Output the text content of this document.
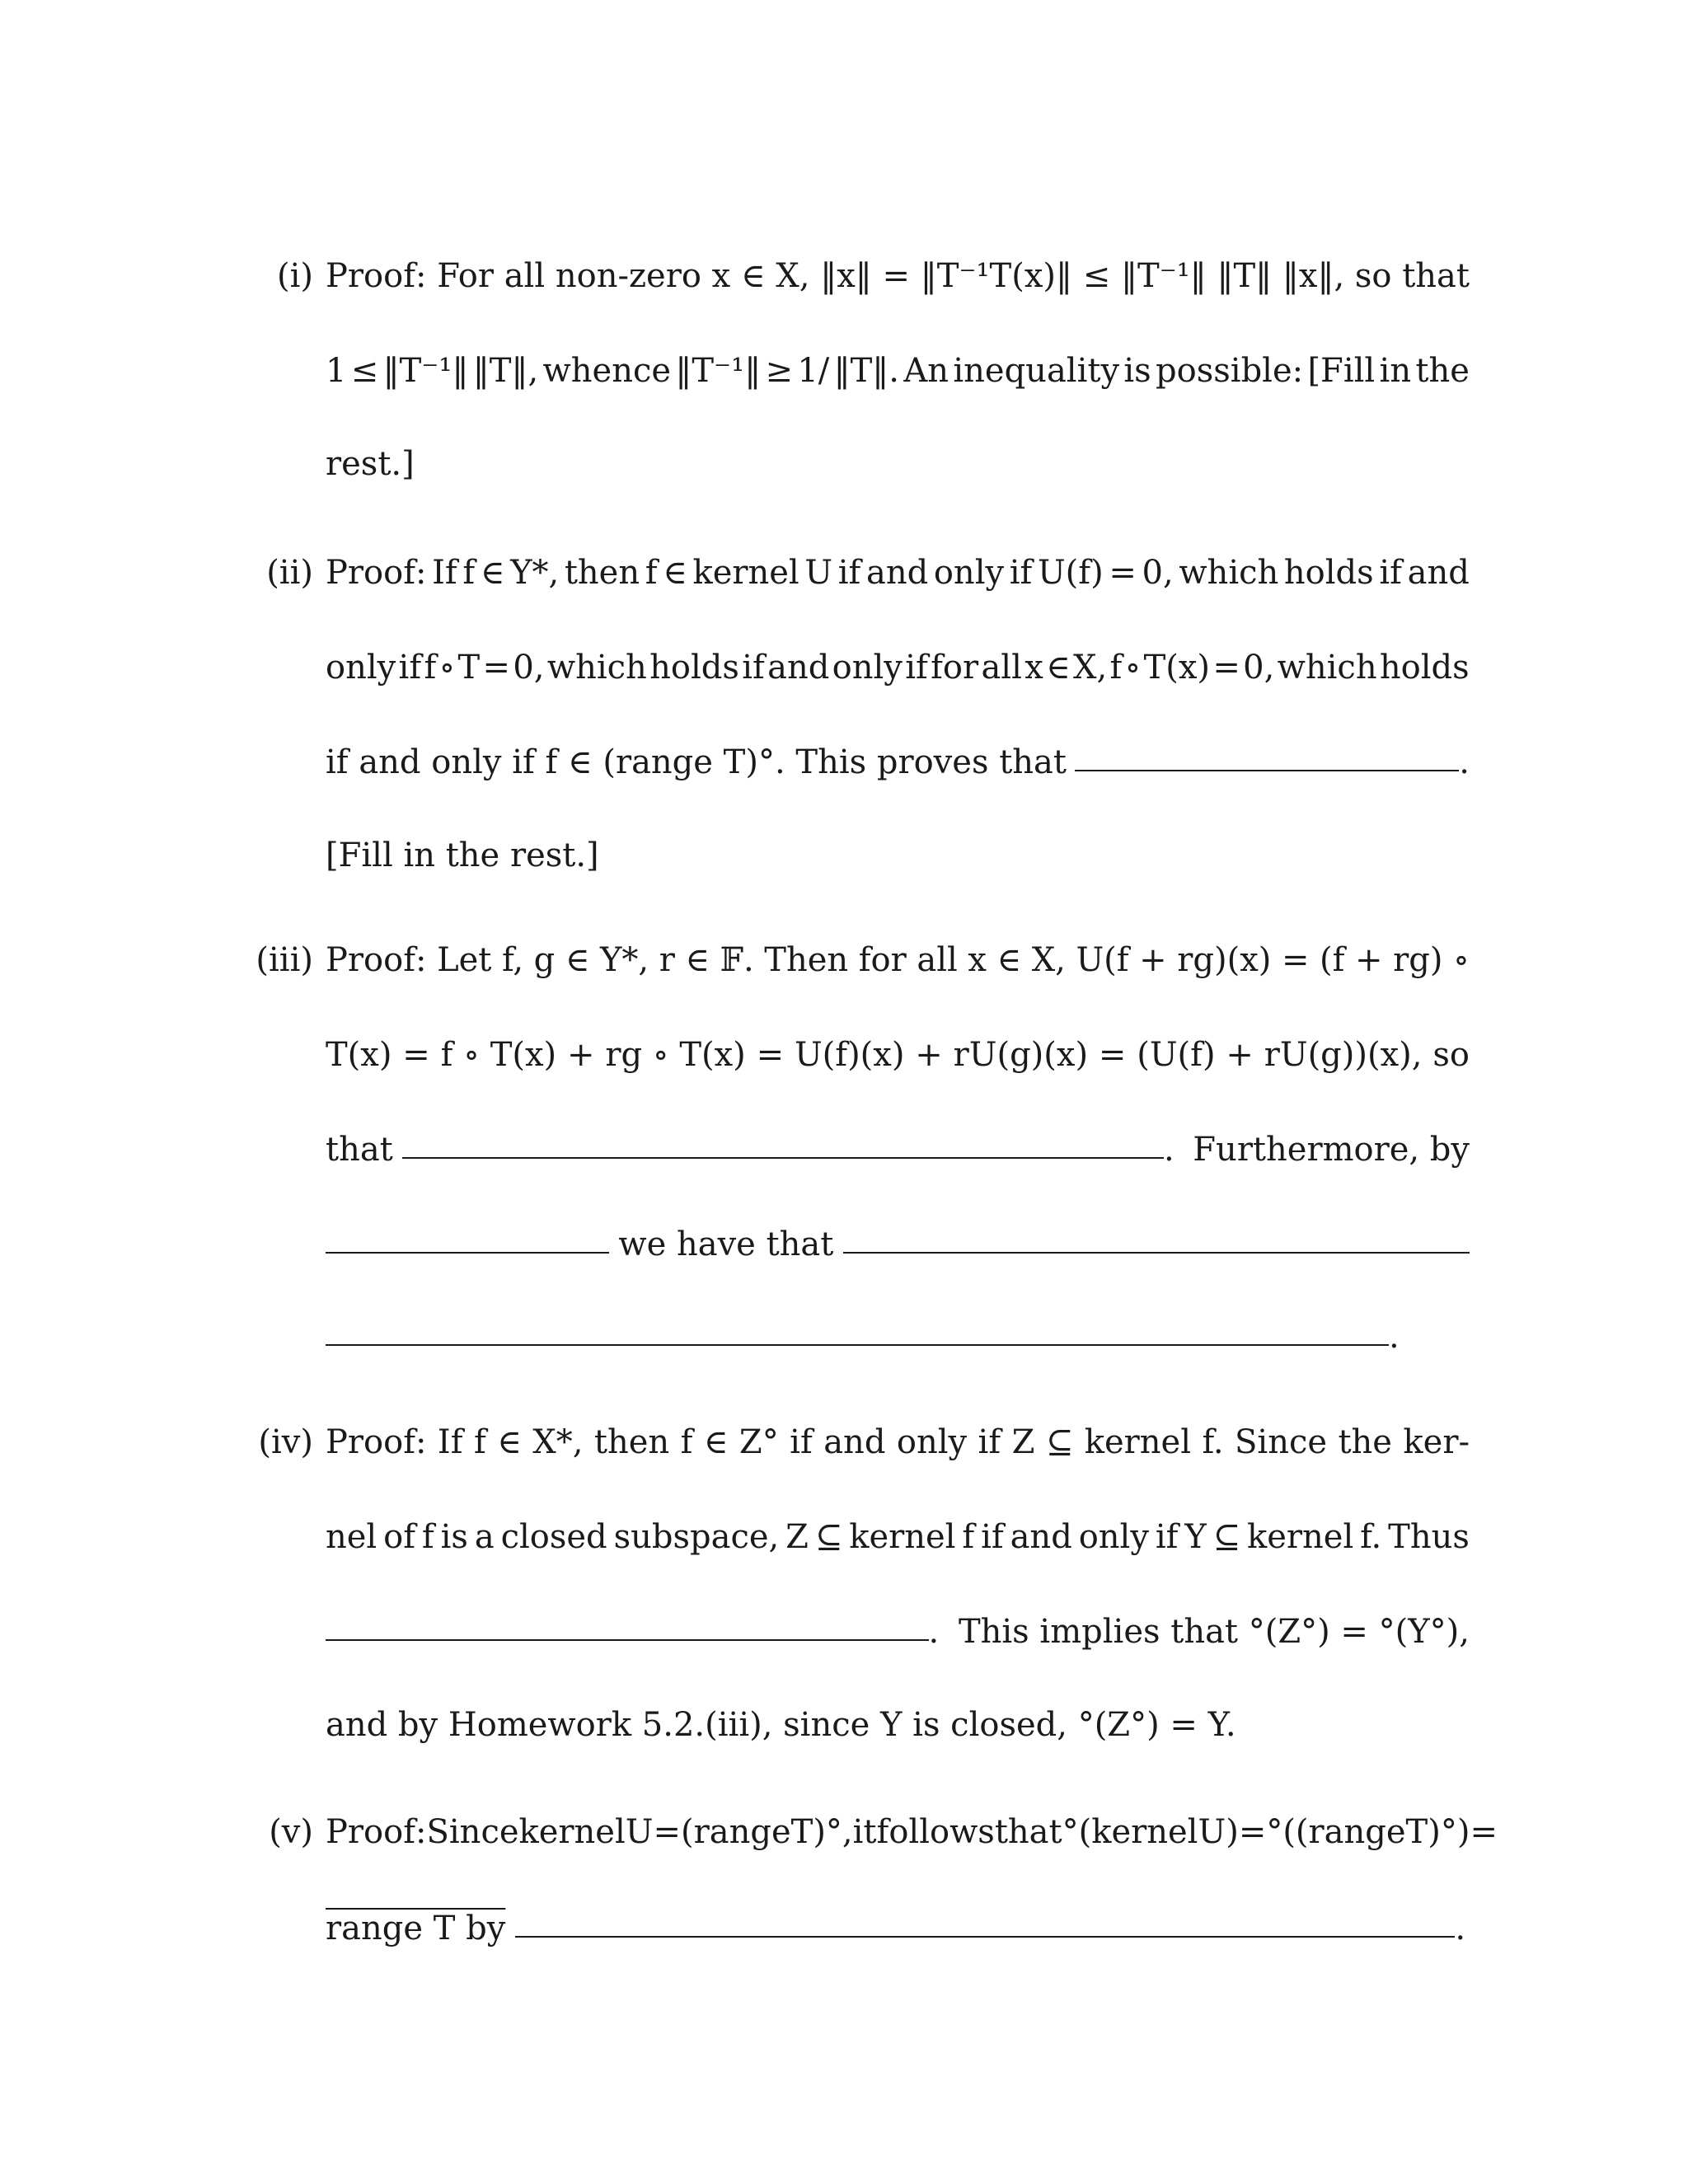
(i) Proof: For all non-zero x ∈ X, ‖x‖ = ‖T⁻¹T(x)‖ ≤ ‖T⁻¹‖ ‖T‖ ‖x‖, so that
1 ≤ ‖T⁻¹‖ ‖T‖, whence ‖T⁻¹‖ ≥ 1/ ‖T‖. An inequality is possible: [Fill in the
rest.]
(ii) Proof: If f ∈ Y*, then f ∈ kernel U if and only if U(f) = 0, which holds if and
only if f ∘ T = 0, which holds if and only if for all x ∈ X, f ∘ T(x) = 0, which holds
if and only if f ∈ (range T)°. This proves that	.
[Fill in the rest.]
(iii) Proof: Let f, g ∈ Y*, r ∈ 𝔽. Then for all x ∈ X, U(f + rg)(x) = (f + rg) ∘
T(x) = f ∘ T(x) + rg ∘ T(x) = U(f)(x) + rU(g)(x) = (U(f) + rU(g))(x), so
that	. Furthermore, by
we have that
.
(iv) Proof: If f ∈ X*, then f ∈ Z° if and only if Z ⊆ kernel f. Since the ker-
nel of f is a closed subspace, Z ⊆ kernel f if and only if Y ⊆ kernel f. Thus
. This implies that °(Z°) = °(Y°),
and by Homework 5.2.(iii), since Y is closed, °(Z°) = Y.
(v) Proof: Since kernel U = (range T)°, it follows that °(kernel U) = °((range T)°) =
range T by	.
